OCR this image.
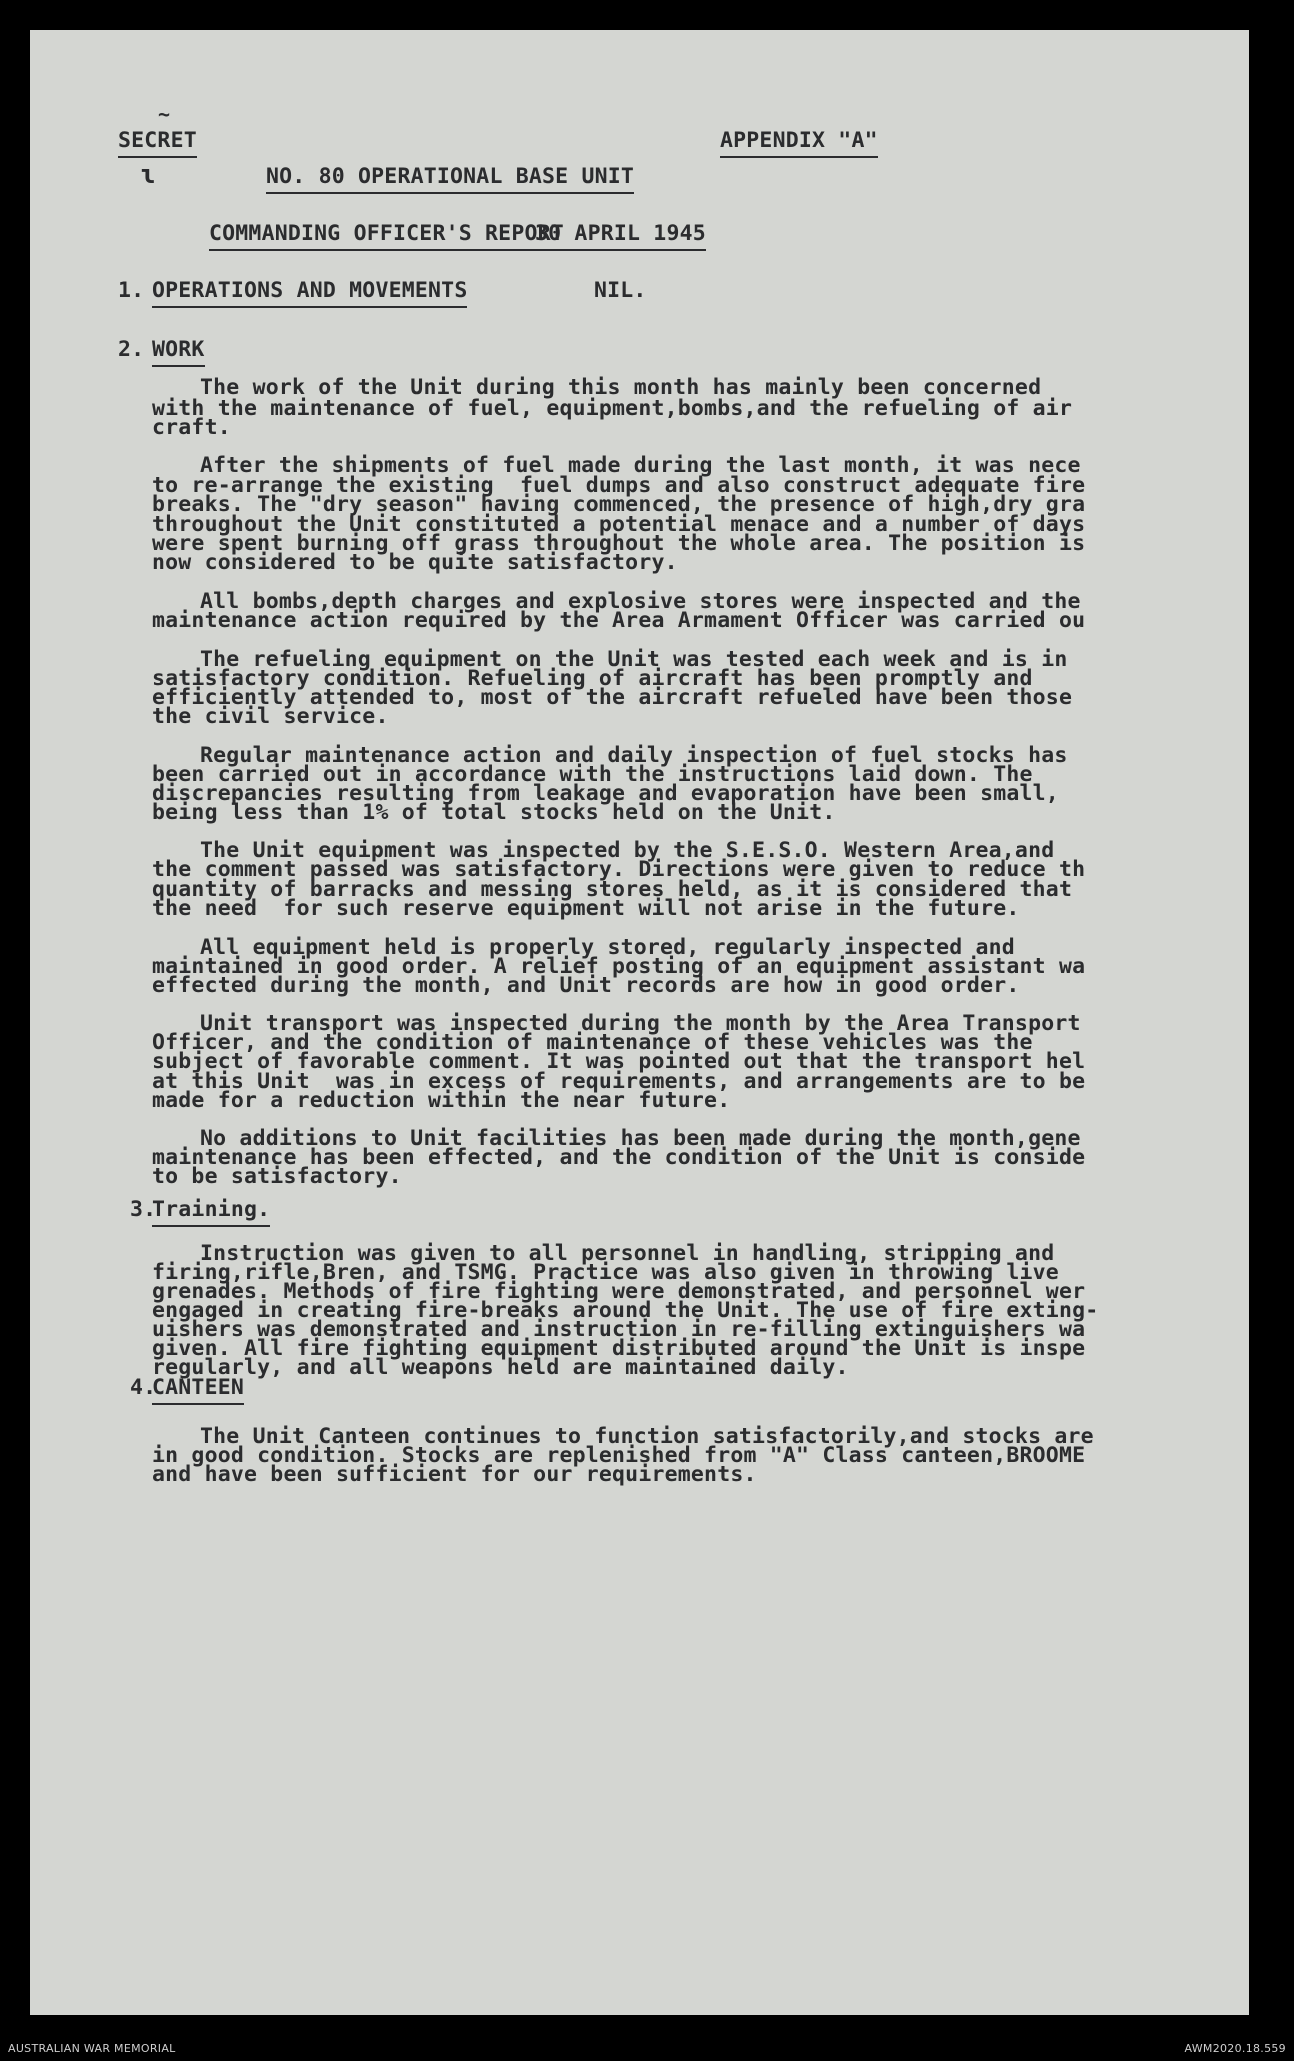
~
SECRET
ɩ
APPENDIX "A"
NO. 80 OPERATIONAL BASE UNIT
COMMANDING OFFICER'S REPORT
30 APRIL 1945
1. OPERATIONS AND MOVEMENTS	NIL.
2. WORK
The work of the Unit during this month has mainly been concerned
with the maintenance of fuel, equipment,bombs,and the refueling of air
craft.
After the shipments of fuel made during the last month, it was nece
to re-arrange the existing  fuel dumps and also construct adequate fire
breaks. The "dry season" having commenced, the presence of high,dry gra
throughout the Unit constituted a potential menace and a number of days
were spent burning off grass throughout the whole area. The position is
now considered to be quite satisfactory.
All bombs,depth charges and explosive stores were inspected and the
maintenance action required by the Area Armament Officer was carried ou
The refueling equipment on the Unit was tested each week and is in
satisfactory condition. Refueling of aircraft has been promptly and
efficiently attended to, most of the aircraft refueled have been those
the civil service.
Regular maintenance action and daily inspection of fuel stocks has
been carried out in accordance with the instructions laid down. The
discrepancies resulting from leakage and evaporation have been small,
being less than 1% of total stocks held on the Unit.
The Unit equipment was inspected by the S.E.S.O. Western Area,and
the comment passed was satisfactory. Directions were given to reduce th
quantity of barracks and messing stores held, as it is considered that
the need  for such reserve equipment will not arise in the future.
All equipment held is properly stored, regularly inspected and
maintained in good order. A relief posting of an equipment assistant wa
effected during the month, and Unit records are how in good order.
Unit transport was inspected during the month by the Area Transport
Officer, and the condition of maintenance of these vehicles was the
subject of favorable comment. It was pointed out that the transport hel
at this Unit  was in excess of requirements, and arrangements are to be
made for a reduction within the near future.
No additions to Unit facilities has been made during the month,gene
maintenance has been effected, and the condition of the Unit is conside
to be satisfactory.
3.
Training.
Instruction was given to all personnel in handling, stripping and
firing,rifle,Bren, and TSMG. Practice was also given in throwing live
grenades. Methods of fire fighting were demonstrated, and personnel wer
engaged in creating fire-breaks around the Unit. The use of fire exting-
uishers was demonstrated and instruction in re-filling extinguishers wa
given. All fire fighting equipment distributed around the Unit is inspe
regularly, and all weapons held are maintained daily.
4.
CANTEEN
The Unit Canteen continues to function satisfactorily,and stocks are
in good condition. Stocks are replenished from "A" Class canteen,BROOME
and have been sufficient for our requirements.
AUSTRALIAN WAR MEMORIAL	AWM2020.18.559
